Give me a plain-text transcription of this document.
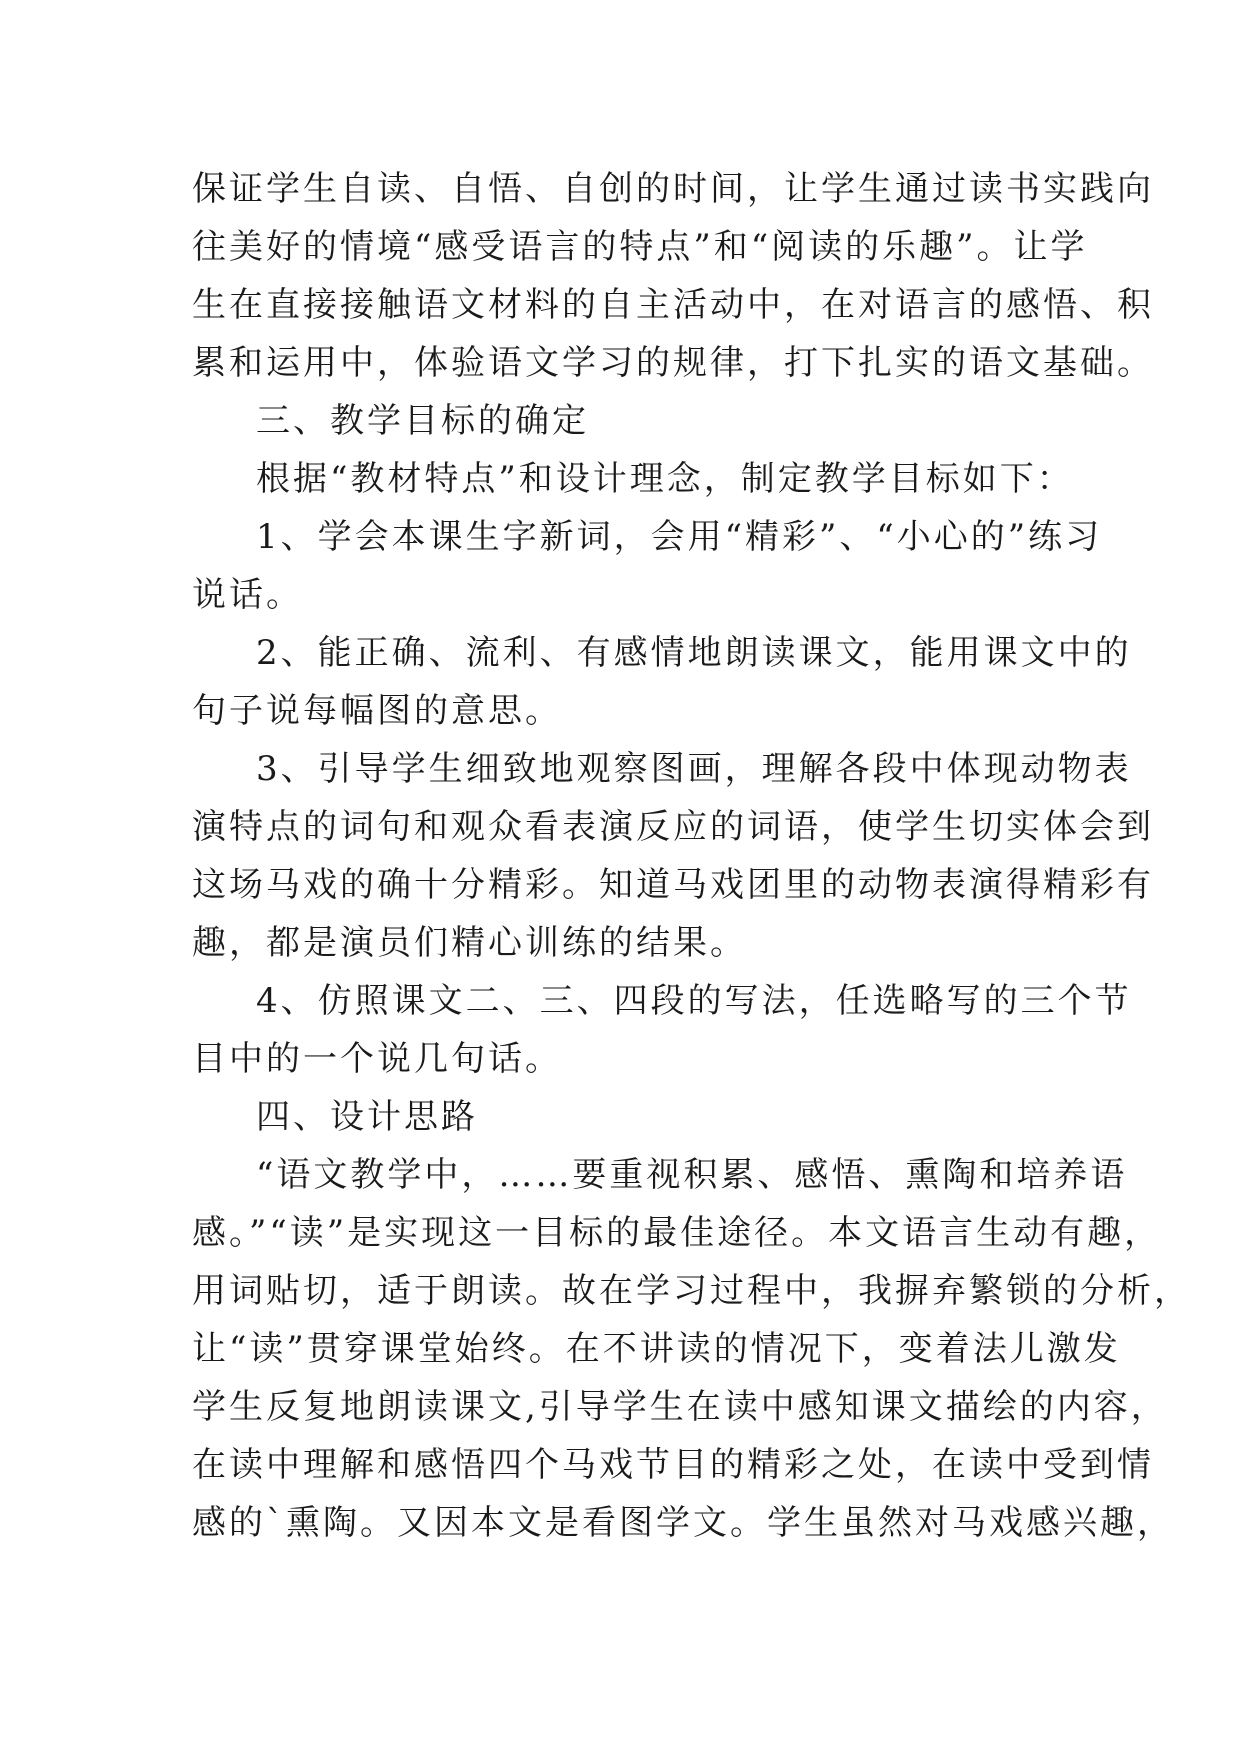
保证学生自读、自悟、自创的时间，让学生通过读书实践向
往美好的情境“感受语言的特点”和“阅读的乐趣”。让学
生在直接接触语文材料的自主活动中，在对语言的感悟、积
累和运用中，体验语文学习的规律，打下扎实的语文基础。
三、教学目标的确定
根据“教材特点”和设计理念，制定教学目标如下：
1、学会本课生字新词，会用“精彩”、“小心的”练习
说话。
2、能正确、流利、有感情地朗读课文，能用课文中的
句子说每幅图的意思。
3、引导学生细致地观察图画，理解各段中体现动物表
演特点的词句和观众看表演反应的词语，使学生切实体会到
这场马戏的确十分精彩。知道马戏团里的动物表演得精彩有
趣，都是演员们精心训练的结果。
4、仿照课文二、三、四段的写法，任选略写的三个节
目中的一个说几句话。
四、设计思路
“语文教学中，……要重视积累、感悟、熏陶和培养语
感。”“读”是实现这一目标的最佳途径。本文语言生动有趣，
用词贴切，适于朗读。故在学习过程中，我摒弃繁锁的分析，
让“读”贯穿课堂始终。在不讲读的情况下，变着法儿激发
学生反复地朗读课文,引导学生在读中感知课文描绘的内容，
在读中理解和感悟四个马戏节目的精彩之处，在读中受到情
感的`熏陶。又因本文是看图学文。学生虽然对马戏感兴趣，
